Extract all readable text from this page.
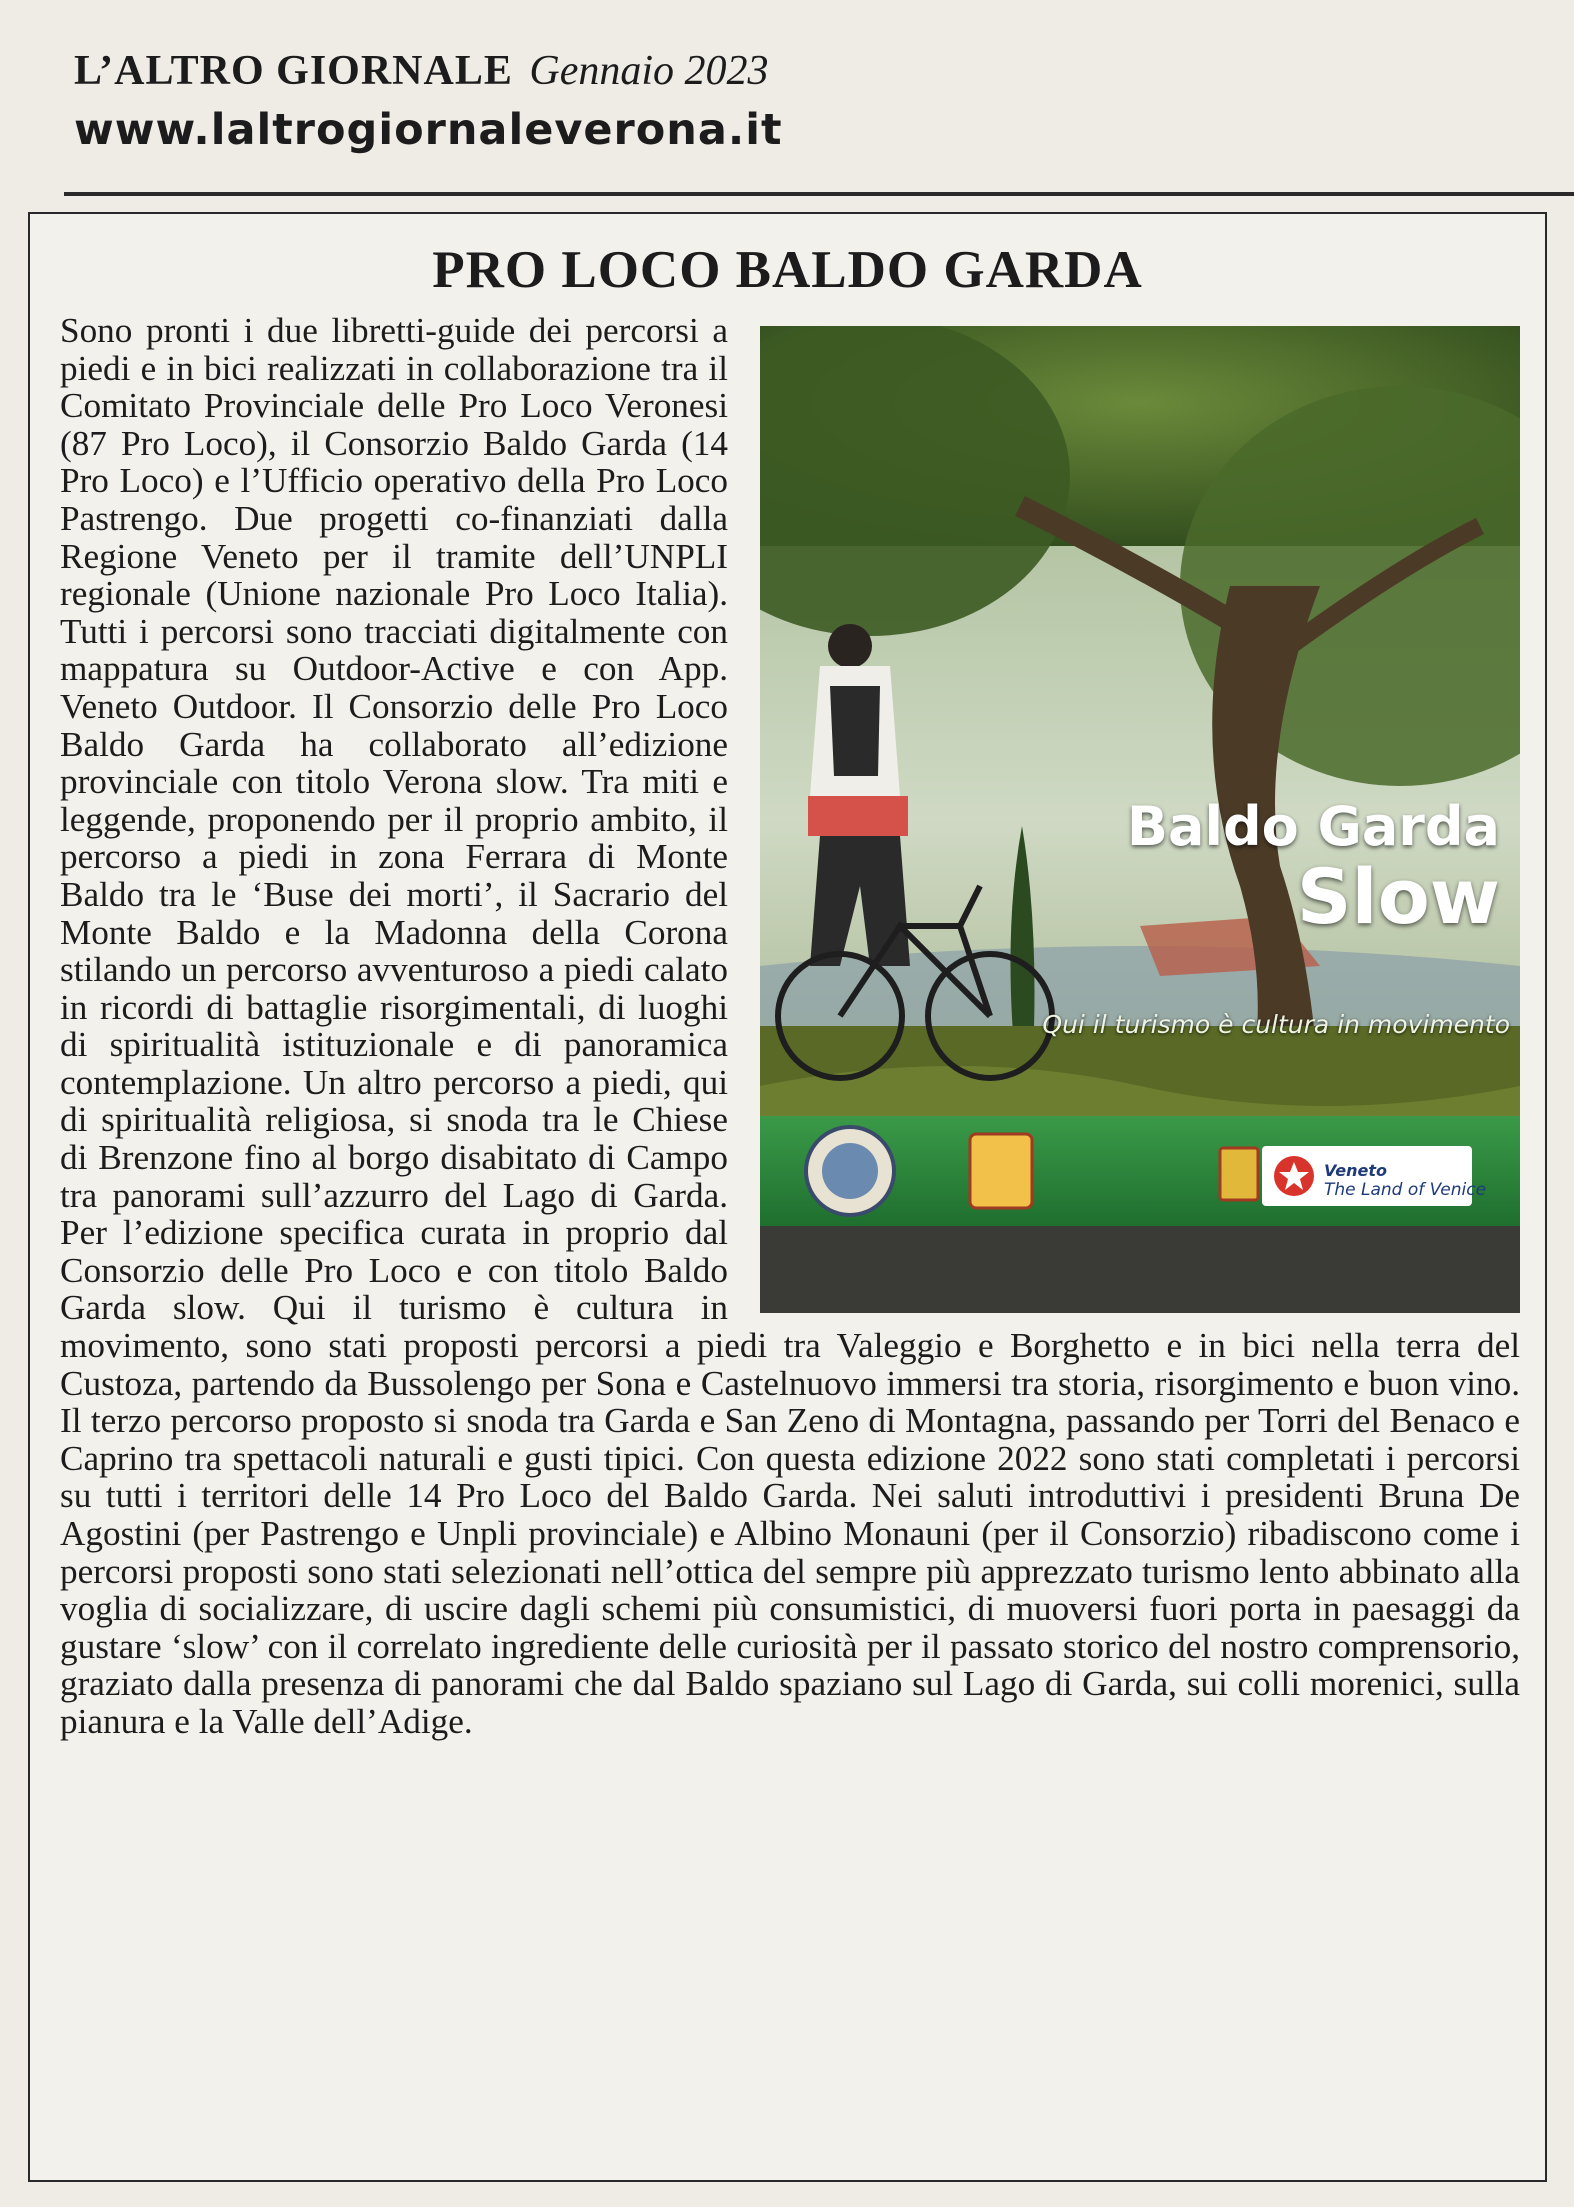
L’ALTRO GIORNALE Gennaio 2023
www.laltrogiornaleverona.it
PRO LOCO BALDO GARDA
Baldo Garda
Slow
Qui il turismo è cultura in movimento
Veneto
The Land of Venice

Sono pronti i due libretti-guide dei percorsi a piedi e in bici realizzati in collaborazione tra il Comitato Provinciale delle Pro Loco Veronesi (87 Pro Loco), il Consorzio Baldo Garda (14 Pro Loco) e l’Ufficio operativo della Pro Loco Pastrengo. Due progetti co-finanziati dalla Regione Veneto per il tramite dell’UNPLI regionale (Unione nazionale Pro Loco Italia). Tutti i percorsi sono tracciati digitalmente con mappatura su Outdoor-Active e con App. Veneto Outdoor. Il Consorzio delle Pro Loco Baldo Garda ha collaborato all’edizione provinciale con titolo Verona slow. Tra miti e leggende, proponendo per il proprio ambito, il percorso a piedi in zona Ferrara di Monte Baldo tra le ‘Buse dei morti’, il Sacrario del Monte Baldo e la Madonna della Corona stilando un percorso avventuroso a piedi calato in ricordi di battaglie risorgimentali, di luoghi di spiritualità istituzionale e di panoramica contemplazione. Un altro percorso a piedi, qui di spiritualità religiosa, si snoda tra le Chiese di Brenzone fino al borgo disabitato di Campo tra panorami sull’azzurro del Lago di Garda. Per l’edizione specifica curata in proprio dal Consorzio delle Pro Loco e con titolo Baldo Garda slow. Qui il turismo è cultura in movimento, sono stati proposti percorsi a piedi tra Valeggio e Borghetto e in bici nella terra del Custoza, partendo da Bussolengo per Sona e Castelnuovo immersi tra storia, risorgimento e buon vino. Il terzo percorso proposto si snoda tra Garda e San Zeno di Montagna, passando per Torri del Benaco e Caprino tra spettacoli naturali e gusti tipici. Con questa edizione 2022 sono stati completati i percorsi su tutti i territori delle 14 Pro Loco del Baldo Garda. Nei saluti introduttivi i presidenti Bruna De Agostini (per Pastrengo e Unpli provinciale) e Albino Monauni (per il Consorzio) ribadiscono come i percorsi proposti sono stati selezionati nell’ottica del sempre più apprezzato turismo lento abbinato alla voglia di socializzare, di uscire dagli schemi più consumistici, di muoversi fuori porta in paesaggi da gustare ‘slow’ con il correlato ingrediente delle curiosità per il passato storico del nostro comprensorio, graziato dalla presenza di panorami che dal Baldo spaziano sul Lago di Garda, sui colli morenici, sulla pianura e la Valle dell’Adige.
